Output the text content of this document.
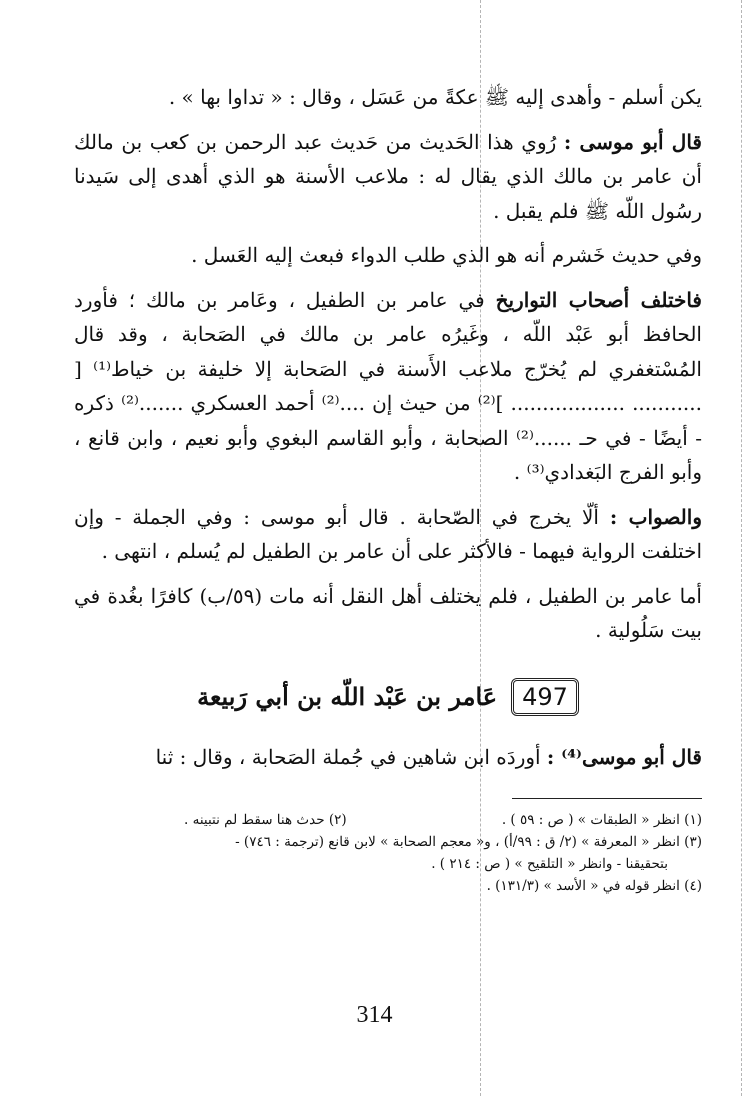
يكن أسلم - وأهدى إليه ﷺ عكةً من عَسَل ، وقال : « تداوا بها » .

قال أبو موسى : رُوي هذا الحَديث من حَديث عبد الرحمن بن كعب بن مالك أن عامر بن مالك الذي يقال له : ملاعب الأسنة هو الذي أهدى إلى سَيدنا رسُول اللّه ﷺ فلم يقبل .

وفي حديث خَشرم أنه هو الذي طلب الدواء فبعث إليه العَسل .

فاختلف أصحاب التواريخ في عامر بن الطفيل ، وعَامر بن مالك ؛ فأورد الحافظ أبو عَبْد اللّه ، وغَيرُه عامر بن مالك في الصَحابة ، وقد قال المُسْتغفري لم يُخرّج ملاعب الأَسنة في الصَحابة إلا خليفة بن خياط⁽¹⁾ [ ........... .................. ]⁽²⁾ من حيث إن ....⁽²⁾ أحمد العسكري .......⁽²⁾ ذكره - أيضًا - في حـ ......⁽²⁾ الصحابة ، وأبو القاسم البغوي وأبو نعيم ، وابن قانع ، وأبو الفرج البَغدادي⁽³⁾ .

والصواب : ألّا يخرج في الصّحابة . قال أبو موسى : وفي الجملة - وإن اختلفت الرواية فيهما - فالأكثر على أن عامر بن الطفيل لم يُسلم ، انتهى .

أما عامر بن الطفيل ، فلم يختلف أهل النقل أنه مات (٥٩/ب) كافرًا بغُدة في بيت سَلُولية .

497
عَامر بن عَبْد اللّه بن أبي رَبيعة

قال أبو موسى⁽⁴⁾ : أوردَه ابن شاهين في جُملة الصَحابة ، وقال : ثنا

(١) انظر « الطبقات » ( ص : ٥٩ ) .

(٢) حدث هنا سقط لم نتبينه .

(٣) انظر « المعرفة » (٢/ ق : ٩٩/أ) ، و« معجم الصحابة » لابن قانع (ترجمة : ٧٤٦) -

بتحقيقنا - وانظر « التلقيح » ( ص : ٢١٤ ) .

(٤) انظر قوله في « الأسد » (١٣١/٣) .

314
